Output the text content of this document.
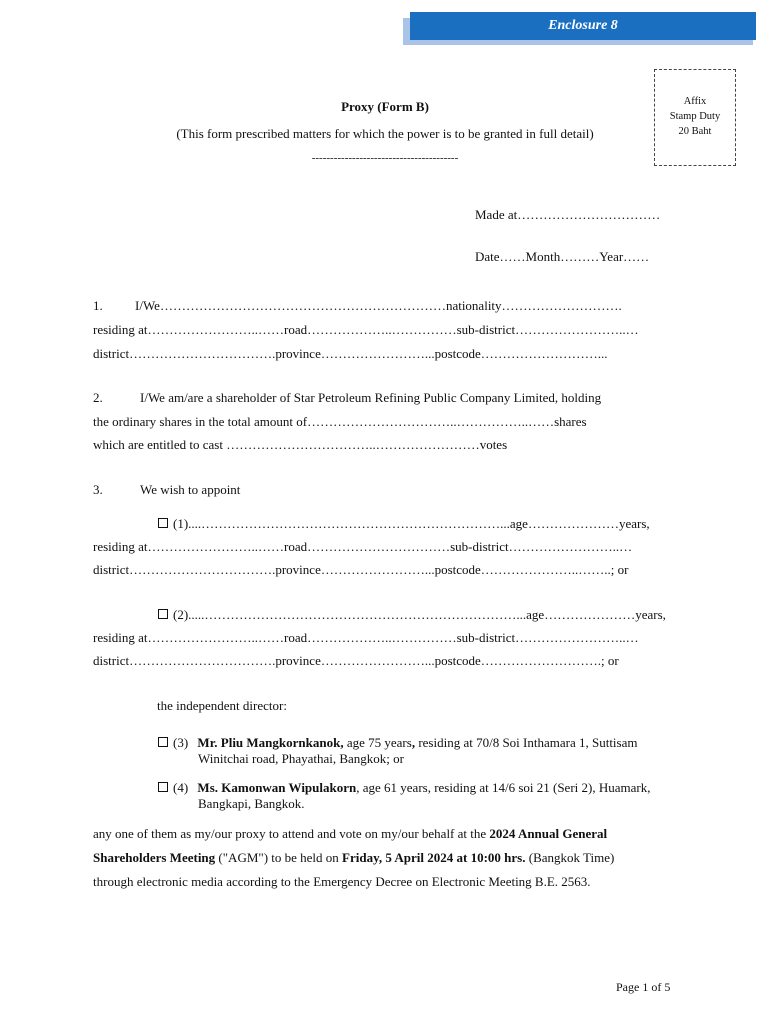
Enclosure 8
Affix
Stamp Duty
20 Baht
Proxy (Form B)
(This form prescribed matters for which the power is to be granted in full detail)
----------------------------------------
Made at……………………………
Date……Month………Year……
1. I/We…………………………………………………………nationality……………………….
residing at……………………..……road………………..……………sub-district……………………..…
district…………………………….province……………………...postcode………………………...
2.	I/We am/are a shareholder of Star Petroleum Refining Public Company Limited, holding
the ordinary shares in the total amount of……………………………..……………..……shares
which are entitled to cast ……………………………..……………………votes
3.	We wish to appoint
(1)....……………………………………………………………...age…………………years,
residing at……………………..……road……………………………sub-district……………………..…
district…………………………….province……………………...postcode…………………..……..; or
(2).....………………………………………………………………...age…………………years,
residing at……………………..……road………………..……………sub-district……………………..…
district…………………………….province……………………...postcode……………………….; or
the independent director:
(3) Mr. Pliu Mangkornkanok, age 75 years, residing at 70/8 Soi Inthamara 1, Suttisam
Winitchai road, Phayathai, Bangkok; or
(4) Ms. Kamonwan Wipulakorn, age 61 years, residing at 14/6 soi 21 (Seri 2), Huamark,
Bangkapi, Bangkok.
any one of them as my/our proxy to attend and vote on my/our behalf at the 2024 Annual General
Shareholders Meeting ("AGM") to be held on Friday, 5 April 2024 at 10:00 hrs. (Bangkok Time)
through electronic media according to the Emergency Decree on Electronic Meeting B.E. 2563.
Page 1 of 5
